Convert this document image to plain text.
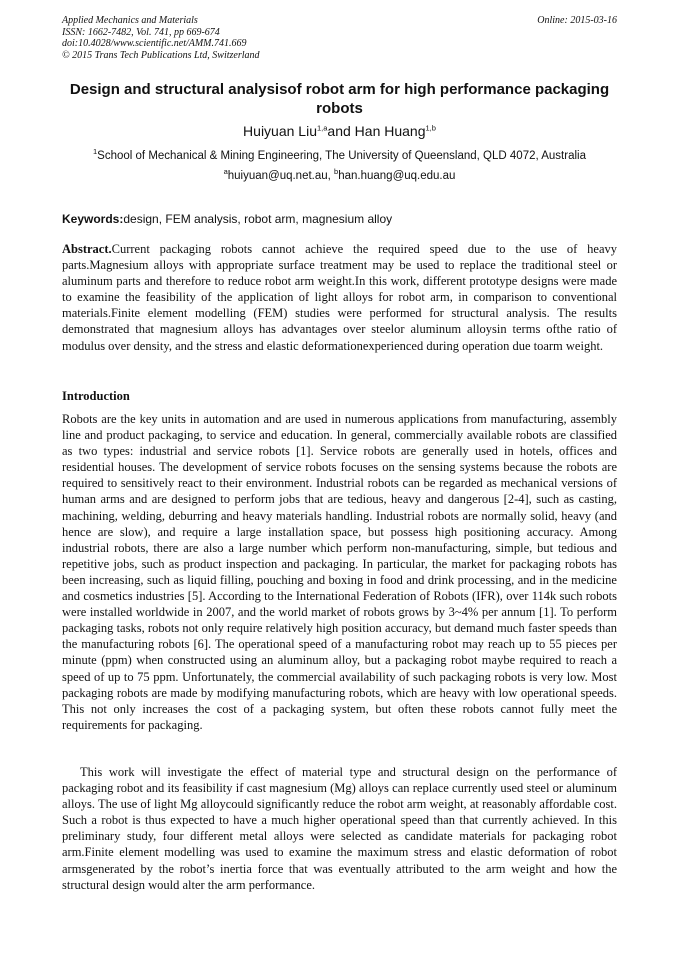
Applied Mechanics and Materials
ISSN: 1662-7482, Vol. 741, pp 669-674
doi:10.4028/www.scientific.net/AMM.741.669
© 2015 Trans Tech Publications Ltd, Switzerland
Online: 2015-03-16
Design and structural analysisof robot arm for high performance packaging robots
Huiyuan Liu$^{1,a}$and Han Huang$^{1,b}$
$^1$School of Mechanical & Mining Engineering, The University of Queensland, QLD 4072, Australia
$^a$huiyuan@uq.net.au, $^b$han.huang@uq.edu.au
Keywords:design, FEM analysis, robot arm, magnesium alloy

Abstract.Current packaging robots cannot achieve the required speed due to the use of heavy parts.Magnesium alloys with appropriate surface treatment may be used to replace the traditional steel or aluminum parts and therefore to reduce robot arm weight.In this work, different prototype designs were made to examine the feasibility of the application of light alloys for robot arm, in comparison to conventional materials.Finite element modelling (FEM) studies were performed for structural analysis. The results demonstrated that magnesium alloys has advantages over steelor aluminum alloysin terms ofthe ratio of modulus over density, and the stress and elastic deformationexperienced during operation due toarm weight.

Introduction

Robots are the key units in automation and are used in numerous applications from manufacturing, assembly line and product packaging, to service and education. In general, commercially available robots are classified as two types: industrial and service robots [1]. Service robots are generally used in hotels, offices and residential houses. The development of service robots focuses on the sensing systems because the robots are required to sensitively react to their environment. Industrial robots can be regarded as mechanical versions of human arms and are designed to perform jobs that are tedious, heavy and dangerous [2-4], such as casting, machining, welding, deburring and heavy materials handling. Industrial robots are normally solid, heavy (and hence are slow), and require a large installation space, but possess high positioning accuracy. Among industrial robots, there are also a large number which perform non-manufacturing, simple, but tedious and repetitive jobs, such as product inspection and packaging. In particular, the market for packaging robots has been increasing, such as liquid filling, pouching and boxing in food and drink processing, and in the medicine and cosmetics industries [5]. According to the International Federation of Robots (IFR), over 114k such robots were installed worldwide in 2007, and the world market of robots grows by 3~4% per annum [1]. To perform packaging tasks, robots not only require relatively high position accuracy, but demand much faster speeds than the manufacturing robots [6]. The operational speed of a manufacturing robot may reach up to 55 pieces per minute (ppm) when constructed using an aluminum alloy, but a packaging robot maybe required to reach a speed of up to 75 ppm. Unfortunately, the commercial availability of such packaging robots is very low. Most packaging robots are made by modifying manufacturing robots, which are heavy with low operational speeds. This not only increases the cost of a packaging system, but often these robots cannot fully meet the requirements for packaging.

This work will investigate the effect of material type and structural design on the performance of packaging robot and its feasibility if cast magnesium (Mg) alloys can replace currently used steel or aluminum alloys. The use of light Mg alloycould significantly reduce the robot arm weight, at reasonably affordable cost. Such a robot is thus expected to have a much higher operational speed than that currently achieved. In this preliminary study, four different metal alloys were selected as candidate materials for packaging robot arm.Finite element modelling was used to examine the maximum stress and elastic deformation of robot armsgenerated by the robot’s inertia force that was eventually attributed to the arm weight and how the structural design would alter the arm performance.
